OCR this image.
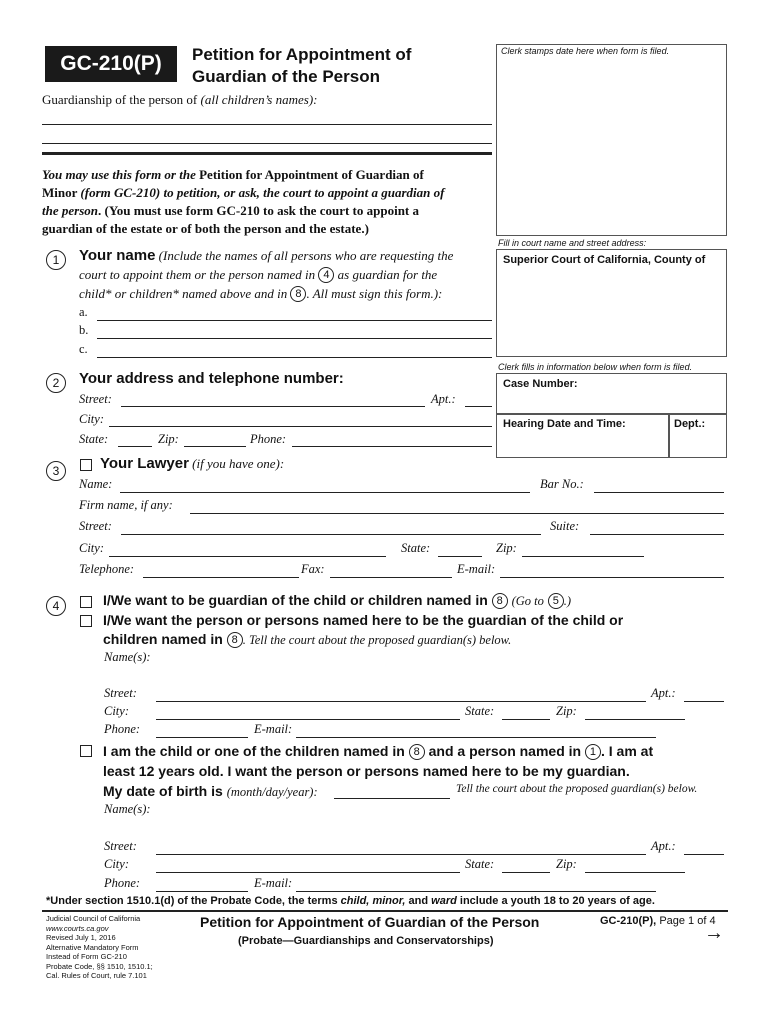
GC-210(P)	Petition for Appointment of
Guardian of the Person
Guardianship of the person of (all children’s names):
Clerk stamps date here when form is filed.
You may use this form or the Petition for Appointment of Guardian of
Minor (form GC-210) to petition, or ask, the court to appoint a guardian of
the person. (You must use form GC-210 to ask the court to appoint a
guardian of the estate or of both the person and the estate.)
Fill in court name and street address:
Superior Court of California, County of
Clerk fills in information below when form is filed.
Case Number:
Hearing Date and Time:	Dept.:
1	Your name (Include the names of all persons who are requesting the
court to appoint them or the person named in 4 as guardian for the
child* or children* named above and in 8 . All must sign this form.):
a.
b.
c.
2	Your address and telephone number:
Street:	Apt.:
City:
State:	Zip:	Phone:
3	Your Lawyer (if you have one):
Name:	Bar No.:
Firm name, if any:
Street:	Suite:
City:	State:	Zip:
Telephone:	Fax:	E-mail:
4	I/We want to be guardian of the child or children named in 8 (Go to 5 .)
I/We want the person or persons named here to be the guardian of the child or
children named in 8 . Tell the court about the proposed guardian(s) below.
Name(s):
Street:	Apt.:
City:	State:	Zip:
Phone:	E-mail:
I am the child or one of the children named in 8 and a person named in 1 . I am at
least 12 years old. I want the person or persons named here to be my guardian.
My date of birth is (month/day/year):	Tell the court about the proposed guardian(s) below.
Name(s):
Street:	Apt.:
City:	State:	Zip:
Phone:	E-mail:
*Under section 1510.1(d) of the Probate Code, the terms child, minor, and ward include a youth 18 to 20 years of age.
Judicial Council of California
www.courts.ca.gov
Revised July 1, 2016
Alternative Mandatory Form
Instead of Form GC-210
Probate Code, §§ 1510, 1510.1;
Cal. Rules of Court, rule 7.101
Petition for Appointment of Guardian of the Person
(Probate—Guardianships and Conservatorships)
GC-210(P), Page 1 of 4
→
